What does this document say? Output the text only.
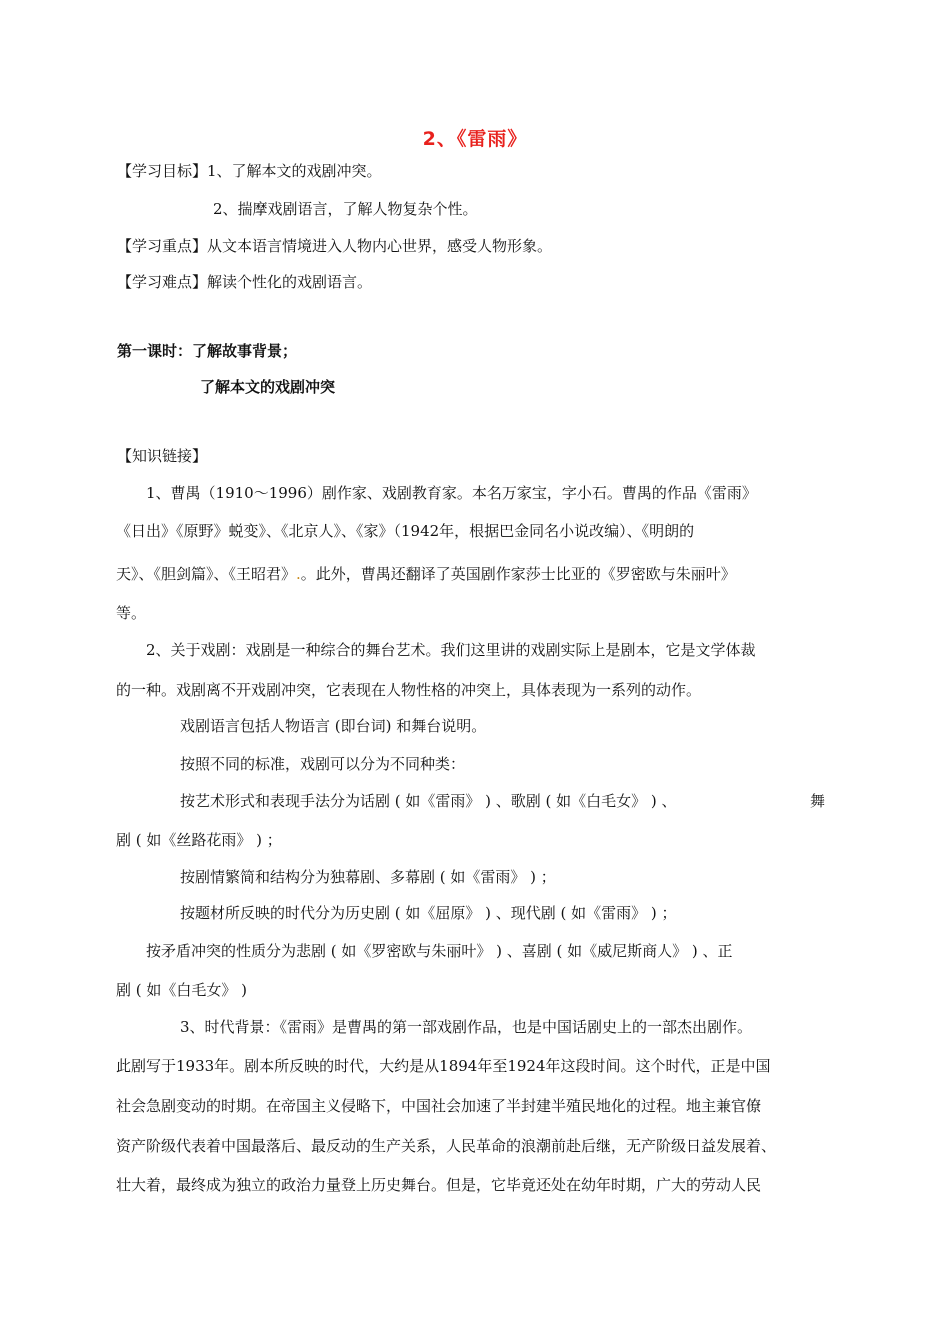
2、《雷雨》
【学习目标】1、了解本文的戏剧冲突。
2、揣摩戏剧语言，了解人物复杂个性。
【学习重点】从文本语言情境进入人物内心世界，感受人物形象。
【学习难点】解读个性化的戏剧语言。
第一课时：了解故事背景；
了解本文的戏剧冲突
【知识链接】
1、曹禺（1910～1996）剧作家、戏剧教育家。本名万家宝，字小石。曹禺的作品《雷雨》
《日出》《原野》蜕变》、《北京人》、《家》（1942年，根据巴金同名小说改编）、《明朗的
天》、《胆剑篇》、《王昭君》.。此外，曹禺还翻译了英国剧作家莎士比亚的《罗密欧与朱丽叶》
等。
2、关于戏剧：戏剧是一种综合的舞台艺术。我们这里讲的戏剧实际上是剧本，它是文学体裁
的一种。戏剧离不开戏剧冲突，它表现在人物性格的冲突上，具体表现为一系列的动作。
戏剧语言包括人物语言 (即台词) 和舞台说明。
按照不同的标准，戏剧可以分为不同种类：
按艺术形式和表现手法分为话剧 ( 如《雷雨》 ) 、歌剧 ( 如《白毛女》 ) 、	舞
剧 ( 如《丝路花雨》 ) ；
按剧情繁简和结构分为独幕剧、多幕剧 ( 如《雷雨》 ) ；
按题材所反映的时代分为历史剧 ( 如《屈原》 ) 、现代剧 ( 如《雷雨》 ) ；
按矛盾冲突的性质分为悲剧 ( 如《罗密欧与朱丽叶》 ) 、喜剧 ( 如《威尼斯商人》 ) 、正
剧 ( 如《白毛女》 )
3、时代背景：《雷雨》是曹禺的第一部戏剧作品，也是中国话剧史上的一部杰出剧作。
此剧写于1933年。剧本所反映的时代，大约是从1894年至1924年这段时间。这个时代，正是中国
社会急剧变动的时期。在帝国主义侵略下，中国社会加速了半封建半殖民地化的过程。地主兼官僚
资产阶级代表着中国最落后、最反动的生产关系，人民革命的浪潮前赴后继，无产阶级日益发展着、
壮大着，最终成为独立的政治力量登上历史舞台。但是，它毕竟还处在幼年时期，广大的劳动人民
